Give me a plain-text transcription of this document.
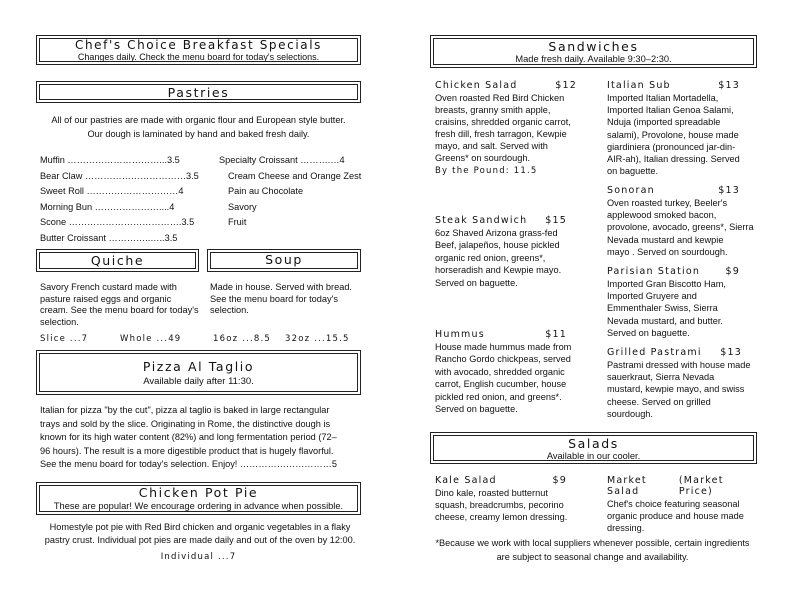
Chef's Choice Breakfast Specials
Changes daily. Check the menu board for today's selections.
Pastries
All of our pastries are made with organic flour and European style butter.
Our dough is laminated by hand and baked fresh daily.
Muffin …………………………...3.5
Bear Claw ……………………………3.5
Sweet Roll …………………………4
Morning Bun …………………....4
Scone ……………………………….3.5
Butter Croissant …………..…..3.5
Specialty Croissant ……….…4
Cream Cheese and Orange Zest
Pain au Chocolate
Savory
Fruit
Quiche	Soup
Savory French custard made with pasture raised eggs and organic cream. See the menu board for today's selection.
Made in house. Served with bread. See the menu board for today's selection.
Slice ...7	Whole ...49	16oz ...8.5 32oz ...15.5
Pizza Al Taglio
Available daily after 11:30.
Italian for pizza "by the cut", pizza al taglio is baked in large rectangular
trays and sold by the slice. Originating in Rome, the distinctive dough is
known for its high water content (82%) and long fermentation period (72–
96 hours). The result is a more digestible product that is hugely flavorful.
See the menu board for today's selection. Enjoy! …………………………5
Chicken Pot Pie
These are popular! We encourage ordering in advance when possible.
Homestyle pot pie with Red Bird chicken and organic vegetables in a flaky
pastry crust. Individual pot pies are made daily and out of the oven by 12:00.
Individual ...7
Sandwiches
Made fresh daily. Available 9:30–2:30.
Chicken Salad	$12
Oven roasted Red Bird Chicken
breasts, granny smith apple,
craisins, shredded organic carrot,
fresh dill, fresh tarragon, Kewpie
mayo, and salt. Served with
Greens* on sourdough.
By the Pound: 11.5
Steak Sandwich $15
6oz Shaved Arizona grass-fed
Beef, jalapeños, house pickled
organic red onion, greens*,
horseradish and Kewpie mayo.
Served on baguette.
Hummus	$11
House made hummus made from
Rancho Gordo chickpeas, served
with avocado, shredded organic
carrot, English cucumber, house
pickled red onion, and greens*.
Served on baguette.
Italian Sub	$13
Imported Italian Mortadella,
Imported Italian Genoa Salami,
Nduja (imported spreadable
salami), Provolone, house made
giardiniera (pronounced jar-din-
AIR-ah), Italian dressing. Served
on baguette.
Sonoran	$13
Oven roasted turkey, Beeler's
applewood smoked bacon,
provolone, avocado, greens*, Sierra
Nevada mustard and kewpie
mayo . Served on sourdough.
Parisian Station	$9
Imported Gran Biscotto Ham,
Imported Gruyere and
Emmenthaler Swiss, Sierra
Nevada mustard, and butter.
Served on baguette.
Grilled Pastrami $13
Pastrami dressed with house made
sauerkraut, Sierra Nevada
mustard, kewpie mayo, and swiss
cheese. Served on grilled
sourdough.
Salads
Available in our cooler.
Kale Salad	$9
Dino kale, roasted butternut
squash, breadcrumbs, pecorino
cheese, creamy lemon dressing.
Market Salad
(Market Price)
Chef's choice featuring seasonal
organic produce and house made
dressing.
*Because we work with local suppliers whenever possible, certain ingredients
are subject to seasonal change and availability.
